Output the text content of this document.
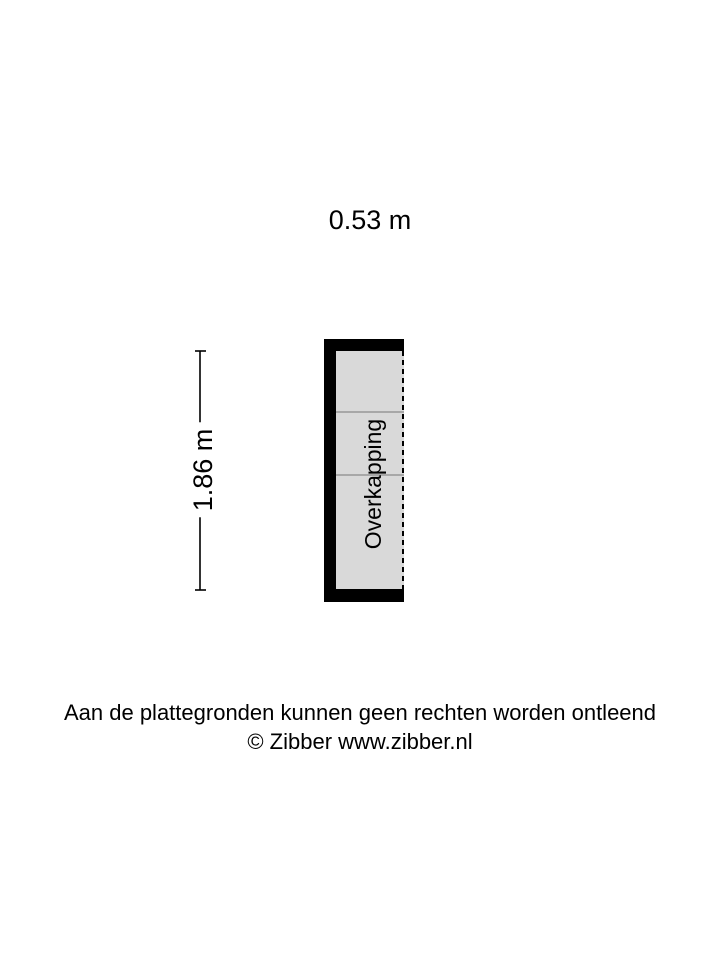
0.53 m
1.86 m	Overkapping
Aan de plattegronden kunnen geen rechten worden ontleend
© Zibber www.zibber.nl
